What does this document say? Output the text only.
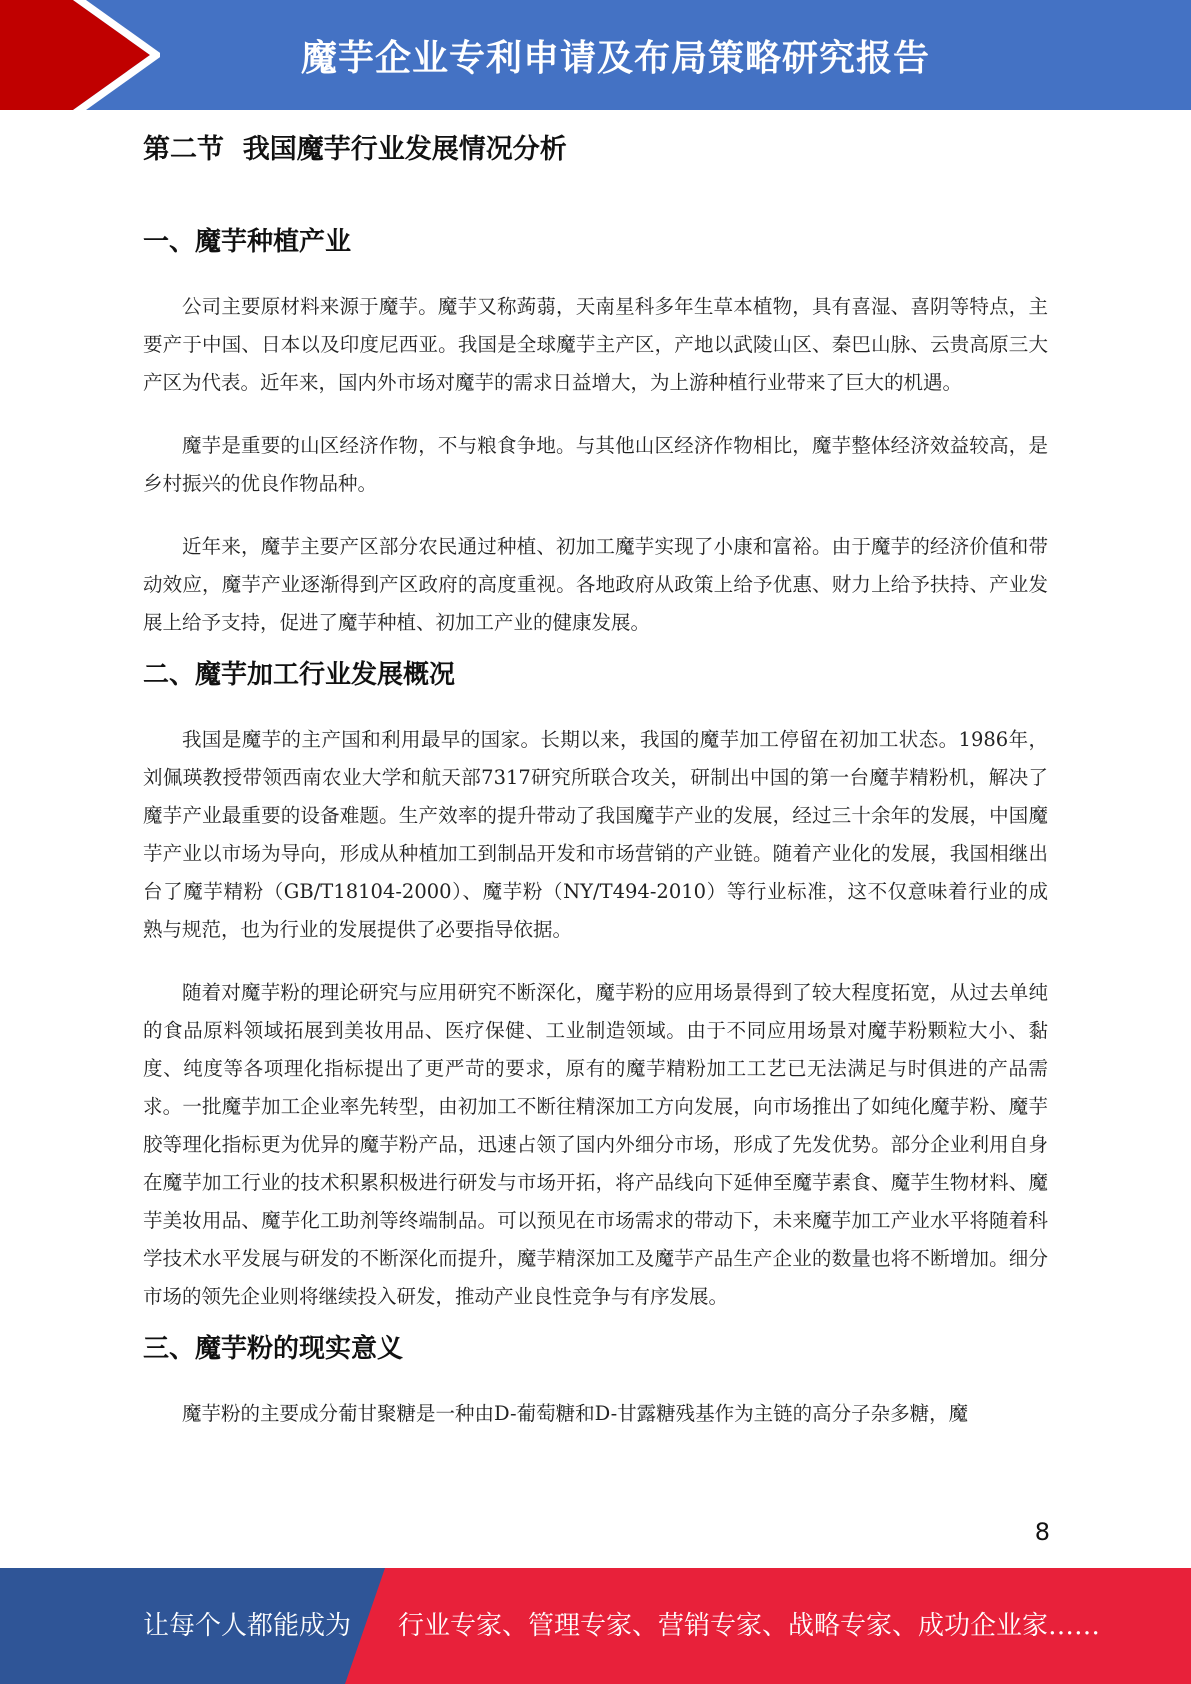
魔芋企业专利申请及布局策略研究报告
第二节  我国魔芋行业发展情况分析
一、魔芋种植产业

公司主要原材料来源于魔芋。魔芋又称蒟蒻，天南星科多年生草本植物，具有喜湿、喜阴等特点，主要产于中国、日本以及印度尼西亚。我国是全球魔芋主产区，产地以武陵山区、秦巴山脉、云贵高原三大产区为代表。近年来，国内外市场对魔芋的需求日益增大，为上游种植行业带来了巨大的机遇。

魔芋是重要的山区经济作物，不与粮食争地。与其他山区经济作物相比，魔芋整体经济效益较高，是乡村振兴的优良作物品种。

近年来，魔芋主要产区部分农民通过种植、初加工魔芋实现了小康和富裕。由于魔芋的经济价值和带动效应，魔芋产业逐渐得到产区政府的高度重视。各地政府从政策上给予优惠、财力上给予扶持、产业发展上给予支持，促进了魔芋种植、初加工产业的健康发展。

二、魔芋加工行业发展概况

我国是魔芋的主产国和利用最早的国家。长期以来，我国的魔芋加工停留在初加工状态。1986年，刘佩瑛教授带领西南农业大学和航天部7317研究所联合攻关，研制出中国的第一台魔芋精粉机，解决了魔芋产业最重要的设备难题。生产效率的提升带动了我国魔芋产业的发展，经过三十余年的发展，中国魔芋产业以市场为导向，形成从种植加工到制品开发和市场营销的产业链。随着产业化的发展，我国相继出台了魔芋精粉（GB/T18104-2000）、魔芋粉（NY/T494-2010）等行业标准，这不仅意味着行业的成熟与规范，也为行业的发展提供了必要指导依据。

随着对魔芋粉的理论研究与应用研究不断深化，魔芋粉的应用场景得到了较大程度拓宽，从过去单纯的食品原料领域拓展到美妆用品、医疗保健、工业制造领域。由于不同应用场景对魔芋粉颗粒大小、黏度、纯度等各项理化指标提出了更严苛的要求，原有的魔芋精粉加工工艺已无法满足与时俱进的产品需求。一批魔芋加工企业率先转型，由初加工不断往精深加工方向发展，向市场推出了如纯化魔芋粉、魔芋胶等理化指标更为优异的魔芋粉产品，迅速占领了国内外细分市场，形成了先发优势。部分企业利用自身在魔芋加工行业的技术积累积极进行研发与市场开拓，将产品线向下延伸至魔芋素食、魔芋生物材料、魔芋美妆用品、魔芋化工助剂等终端制品。可以预见在市场需求的带动下，未来魔芋加工产业水平将随着科学技术水平发展与研发的不断深化而提升，魔芋精深加工及魔芋产品生产企业的数量也将不断增加。细分市场的领先企业则将继续投入研发，推动产业良性竞争与有序发展。

三、魔芋粉的现实意义

魔芋粉的主要成分葡甘聚糖是一种由D-葡萄糖和D-甘露糖残基作为主链的高分子杂多糖，魔

8
让每个人都能成为 行业专家、管理专家、营销专家、战略专家、成功企业家……
